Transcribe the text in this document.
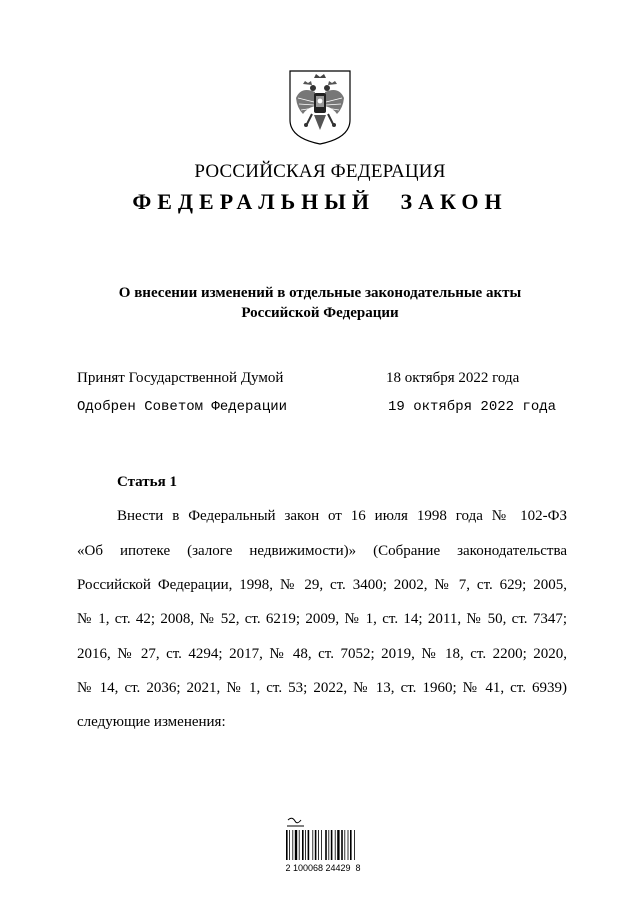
РОССИЙСКАЯ ФЕДЕРАЦИЯ
ФЕДЕРАЛЬНЫЙ ЗАКОН
О внесении изменений в отдельные законодательные акты
Российской Федерации
Принят Государственной Думой	18 октября 2022 года
Одобрен Советом Федерации	19 октября 2022 года
Статья 1
Внести в Федеральный закон от 16 июля 1998 года № 102-ФЗ
«Об ипотеке (залоге недвижимости)» (Собрание законодательства
Российской Федерации, 1998, № 29, ст. 3400; 2002, № 7, ст. 629; 2005,
№ 1, ст. 42; 2008, № 52, ст. 6219; 2009, № 1, ст. 14; 2011, № 50, ст. 7347;
2016, № 27, ст. 4294; 2017, № 48, ст. 7052; 2019, № 18, ст. 2200; 2020,
№ 14, ст. 2036; 2021, № 1, ст. 53; 2022, № 13, ст. 1960; № 41, ст. 6939)
следующие изменения:
2 100068 24429  8
